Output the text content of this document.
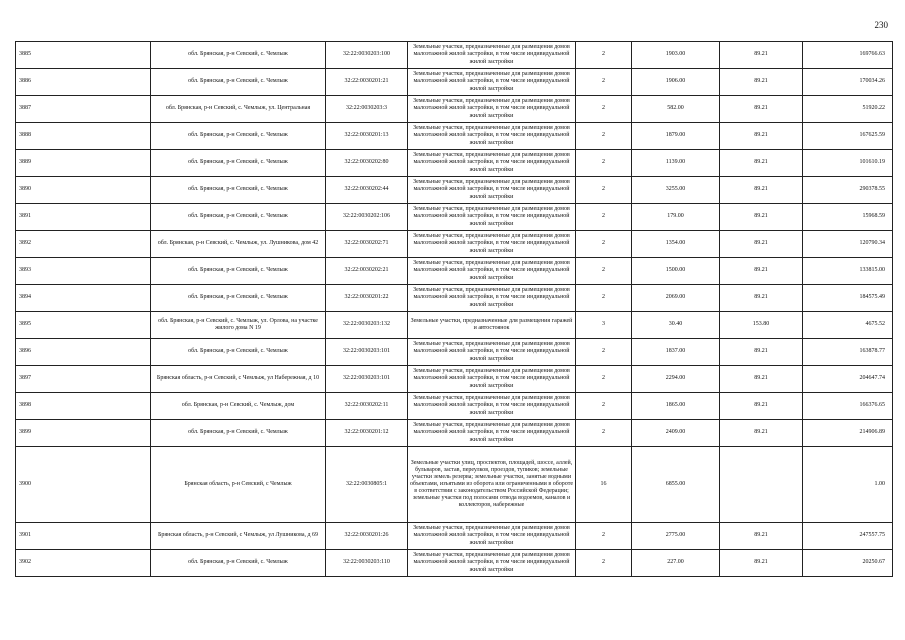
230
3885	обл. Брянская, р-н Севский, с. Чемлыж	32:22:0030203:100	Земельные участки, предназначенные для размещения домов малоэтажной жилой застройки, в том числе индивидуальной жилой застройки	2	1903.00	89.21	169766.63
3886	обл. Брянская, р-н Севский, с. Чемлыж	32:22:0030201:21	Земельные участки, предназначенные для размещения домов малоэтажной жилой застройки, в том числе индивидуальной жилой застройки	2	1906.00	89.21	170034.26
3887	обл. Брянская, р-н Севский, с. Чемлыж, ул. Центральная	32:22:0030203:3	Земельные участки, предназначенные для размещения домов малоэтажной жилой застройки, в том числе индивидуальной жилой застройки	2	582.00	89.21	51920.22
3888	обл. Брянская, р-н Севский, с. Чемлыж	32:22:0030201:13	Земельные участки, предназначенные для размещения домов малоэтажной жилой застройки, в том числе индивидуальной жилой застройки	2	1879.00	89.21	167625.59
3889	обл. Брянская, р-н Севский, с. Чемлыж	32:22:0030202:80	Земельные участки, предназначенные для размещения домов малоэтажной жилой застройки, в том числе индивидуальной жилой застройки	2	1139.00	89.21	101610.19
3890	обл. Брянская, р-н Севский, с. Чемлыж	32:22:0030202:44	Земельные участки, предназначенные для размещения домов малоэтажной жилой застройки, в том числе индивидуальной жилой застройки	2	3255.00	89.21	290378.55
3891	обл. Брянская, р-н Севский, с. Чемлыж	32:22:0030202:106	Земельные участки, предназначенные для размещения домов малоэтажной жилой застройки, в том числе индивидуальной жилой застройки	2	179.00	89.21	15968.59
3892	обл. Брянская, р-н Севский, с. Чемлыж, ул. Лушникова, дом 42	32:22:0030202:71	Земельные участки, предназначенные для размещения домов малоэтажной жилой застройки, в том числе индивидуальной жилой застройки	2	1354.00	89.21	120790.34
3893	обл. Брянская, р-н Севский, с. Чемлыж	32:22:0030202:21	Земельные участки, предназначенные для размещения домов малоэтажной жилой застройки, в том числе индивидуальной жилой застройки	2	1500.00	89.21	133815.00
3894	обл. Брянская, р-н Севский, с. Чемлыж	32:22:0030201:22	Земельные участки, предназначенные для размещения домов малоэтажной жилой застройки, в том числе индивидуальной жилой застройки	2	2069.00	89.21	184575.49
3895	обл. Брянская, р-н Севский, с. Чемлыж, ул. Орлова, на участке жилого дома N 19	32:22:0030203:132	Земельные участки, предназначенные для размещения гаражей и автостоянок	3	30.40	153.80	4675.52
3896	обл. Брянская, р-н Севский, с. Чемлыж	32:22:0030203:101	Земельные участки, предназначенные для размещения домов малоэтажной жилой застройки, в том числе индивидуальной жилой застройки	2	1837.00	89.21	163878.77
3897	Брянская область, р-н Севский, с Чемлыж, ул Набережная, д 10	32:22:0030203:101	Земельные участки, предназначенные для размещения домов малоэтажной жилой застройки, в том числе индивидуальной жилой застройки	2	2294.00	89.21	204647.74
3898	обл. Брянская, р-н Севский, с. Чемлыж, дом	32:22:0030202:11	Земельные участки, предназначенные для размещения домов малоэтажной жилой застройки, в том числе индивидуальной жилой застройки	2	1865.00	89.21	166376.65
3899	обл. Брянская, р-н Севский, с. Чемлыж	32:22:0030201:12	Земельные участки, предназначенные для размещения домов малоэтажной жилой застройки, в том числе индивидуальной жилой застройки	2	2409.00	89.21	214906.89
3900	Брянская область, р-н Севский, с Чемлыж	32:22:0030805:1	Земельные участки улиц, проспектов, площадей, шоссе, аллей, бульваров, застав, переулков, проездов, тупиков; земельные участки земель резерва; земельные участки, занятые водными объектами, изъятыми из оборота или ограниченными в обороте в соответствии с законодательством Российской Федерации; земельные участки под полосами отвода водоемов, каналов и коллекторов, набережные	16	6855.00		1.00
3901	Брянская область, р-н Севский, с Чемлыж, ул Лушникова, д 69	32:22:0030201:26	Земельные участки, предназначенные для размещения домов малоэтажной жилой застройки, в том числе индивидуальной жилой застройки	2	2775.00	89.21	247557.75
3902	обл. Брянская, р-н Севский, с. Чемлыж	32:22:0030203:110	Земельные участки, предназначенные для размещения домов малоэтажной жилой застройки, в том числе индивидуальной жилой застройки	2	227.00	89.21	20250.67
